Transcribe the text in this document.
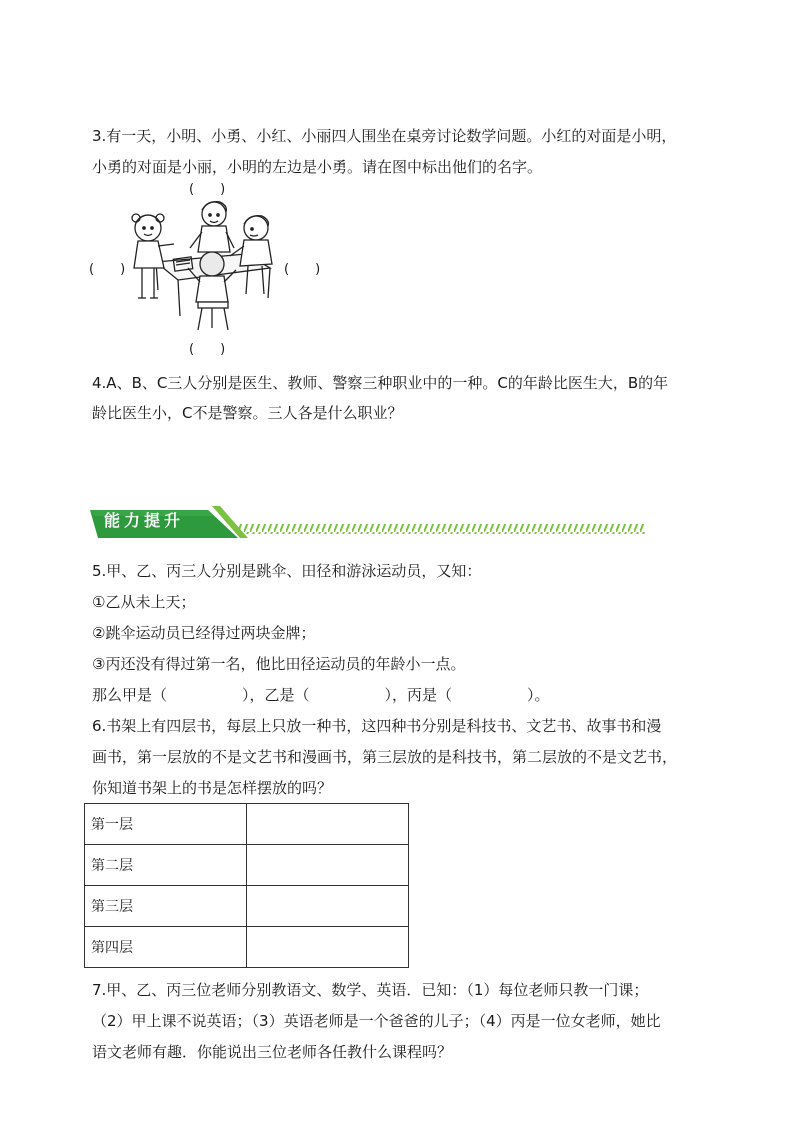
3.有一天，小明、小勇、小红、小丽四人围坐在桌旁讨论数学问题。小红的对面是小明，
小勇的对面是小丽，小明的左边是小勇。请在图中标出他们的名字。
(　　)
(　　)	(　　)
(　　)
4.A、B、C三人分别是医生、教师、警察三种职业中的一种。C的年龄比医生大，B的年
龄比医生小，C不是警察。三人各是什么职业？
能力提升
5.甲、乙、丙三人分别是跳伞、田径和游泳运动员，又知：
①乙从未上天；
②跳伞运动员已经得过两块金牌；
③丙还没有得过第一名，他比田径运动员的年龄小一点。
那么甲是（　　　　　），乙是（　　　　　），丙是（　　　　　）。
6.书架上有四层书，每层上只放一种书，这四种书分别是科技书、文艺书、故事书和漫
画书，第一层放的不是文艺书和漫画书，第三层放的是科技书，第二层放的不是文艺书，
你知道书架上的书是怎样摆放的吗？
第一层	
第二层	
第三层	
第四层	
7.甲、乙、丙三位老师分别教语文、数学、英语．已知：（1）每位老师只教一门课；
（2）甲上课不说英语；（3）英语老师是一个爸爸的儿子；（4）丙是一位女老师，她比
语文老师有趣．你能说出三位老师各任教什么课程吗？
